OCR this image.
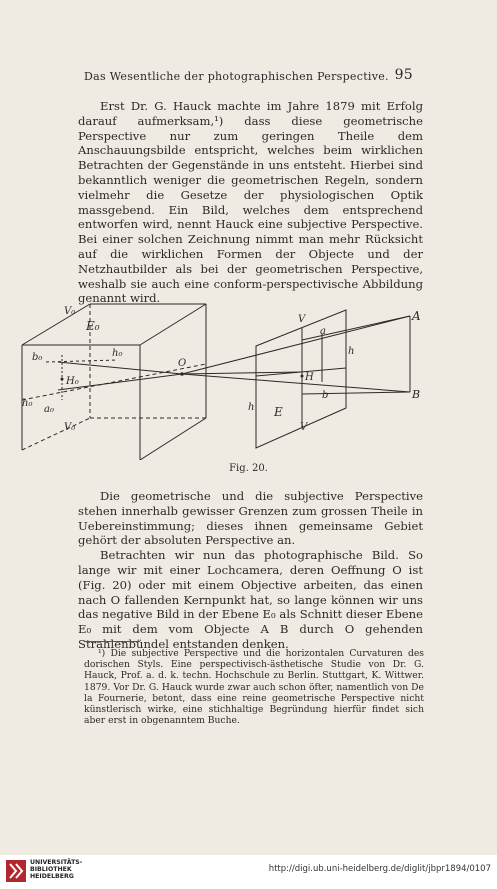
Das Wesentliche der photographischen Perspective. 95

Erst Dr. G. Hauck machte im Jahre 1879 mit Erfolg darauf aufmerksam,¹) dass diese geometrische Perspective nur zum geringen Theile dem Anschauungsbilde entspricht, welches beim wirklichen Betrachten der Gegenstände in uns entsteht. Hierbei sind bekanntlich weniger die geometrischen Regeln, sondern vielmehr die Gesetze der physiologischen Optik massgebend. Ein Bild, welches dem entsprechend entworfen wird, nennt Hauck eine subjective Perspective. Bei einer solchen Zeichnung nimmt man mehr Rücksicht auf die wirklichen Formen der Objecte und der Netzhautbilder als bei der geometrischen Perspective, weshalb sie auch eine conform-perspectivische Abbildung genannt wird.

V₀
E₀
b₀	h₀
H₀
h₀
a₀
V₀
O
V
a
h
H
b
h E
V
A
B
Fig. 20.

Die geometrische und die subjective Perspective stehen innerhalb gewisser Grenzen zum grossen Theile in Uebereinstimmung; dieses ihnen gemeinsame Gebiet gehört der absoluten Perspective an.

Betrachten wir nun das photographische Bild. So lange wir mit einer Lochcamera, deren Oeffnung O ist (Fig. 20) oder mit einem Objective arbeiten, das einen nach O fallenden Kernpunkt hat, so lange können wir uns das negative Bild in der Ebene E₀ als Schnitt dieser Ebene E₀ mit dem vom Objecte A B durch O gehenden Strahlenbündel entstanden denken.

¹) Die subjective Perspective und die horizontalen Curvaturen des dorischen Styls. Eine perspectivisch-ästhetische Studie von Dr. G. Hauck, Prof. a. d. k. techn. Hochschule zu Berlin. Stuttgart, K. Wittwer. 1879. Vor Dr. G. Hauck wurde zwar auch schon öfter, namentlich von De la Fournerie, betont, dass eine reine geometrische Perspective nicht künstlerisch wirke, eine stichhaltige Begründung hierfür findet sich aber erst in obgenanntem Buche.

UNIVERSITÄTS-
BIBLIOTHEK
HEIDELBERG
http://digi.ub.uni-heidelberg.de/diglit/jbpr1894/0107
